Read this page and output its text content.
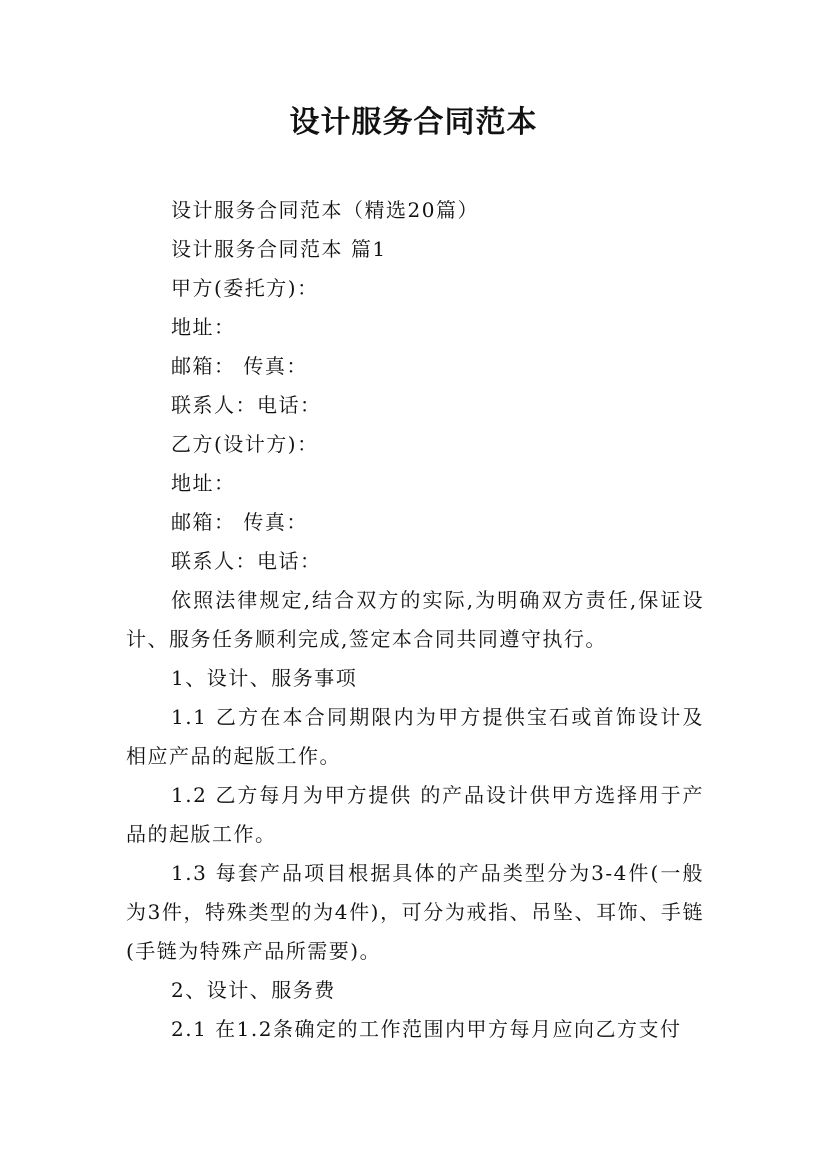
设计服务合同范本

设计服务合同范本（精选20篇）

设计服务合同范本 篇1

甲方(委托方)：

地址：

邮箱： 传真：

联系人：电话：

乙方(设计方)：

地址：

邮箱： 传真：

联系人：电话：

依照法律规定,结合双方的实际,为明确双方责任,保证设计、服务任务顺利完成,签定本合同共同遵守执行。

1、设计、服务事项

1.1 乙方在本合同期限内为甲方提供宝石或首饰设计及相应产品的起版工作。

1.2 乙方每月为甲方提供 的产品设计供甲方选择用于产品的起版工作。

1.3 每套产品项目根据具体的产品类型分为3-4件(一般为3件，特殊类型的为4件)，可分为戒指、吊坠、耳饰、手链(手链为特殊产品所需要)。

2、设计、服务费

2.1 在1.2条确定的工作范围内甲方每月应向乙方支付
